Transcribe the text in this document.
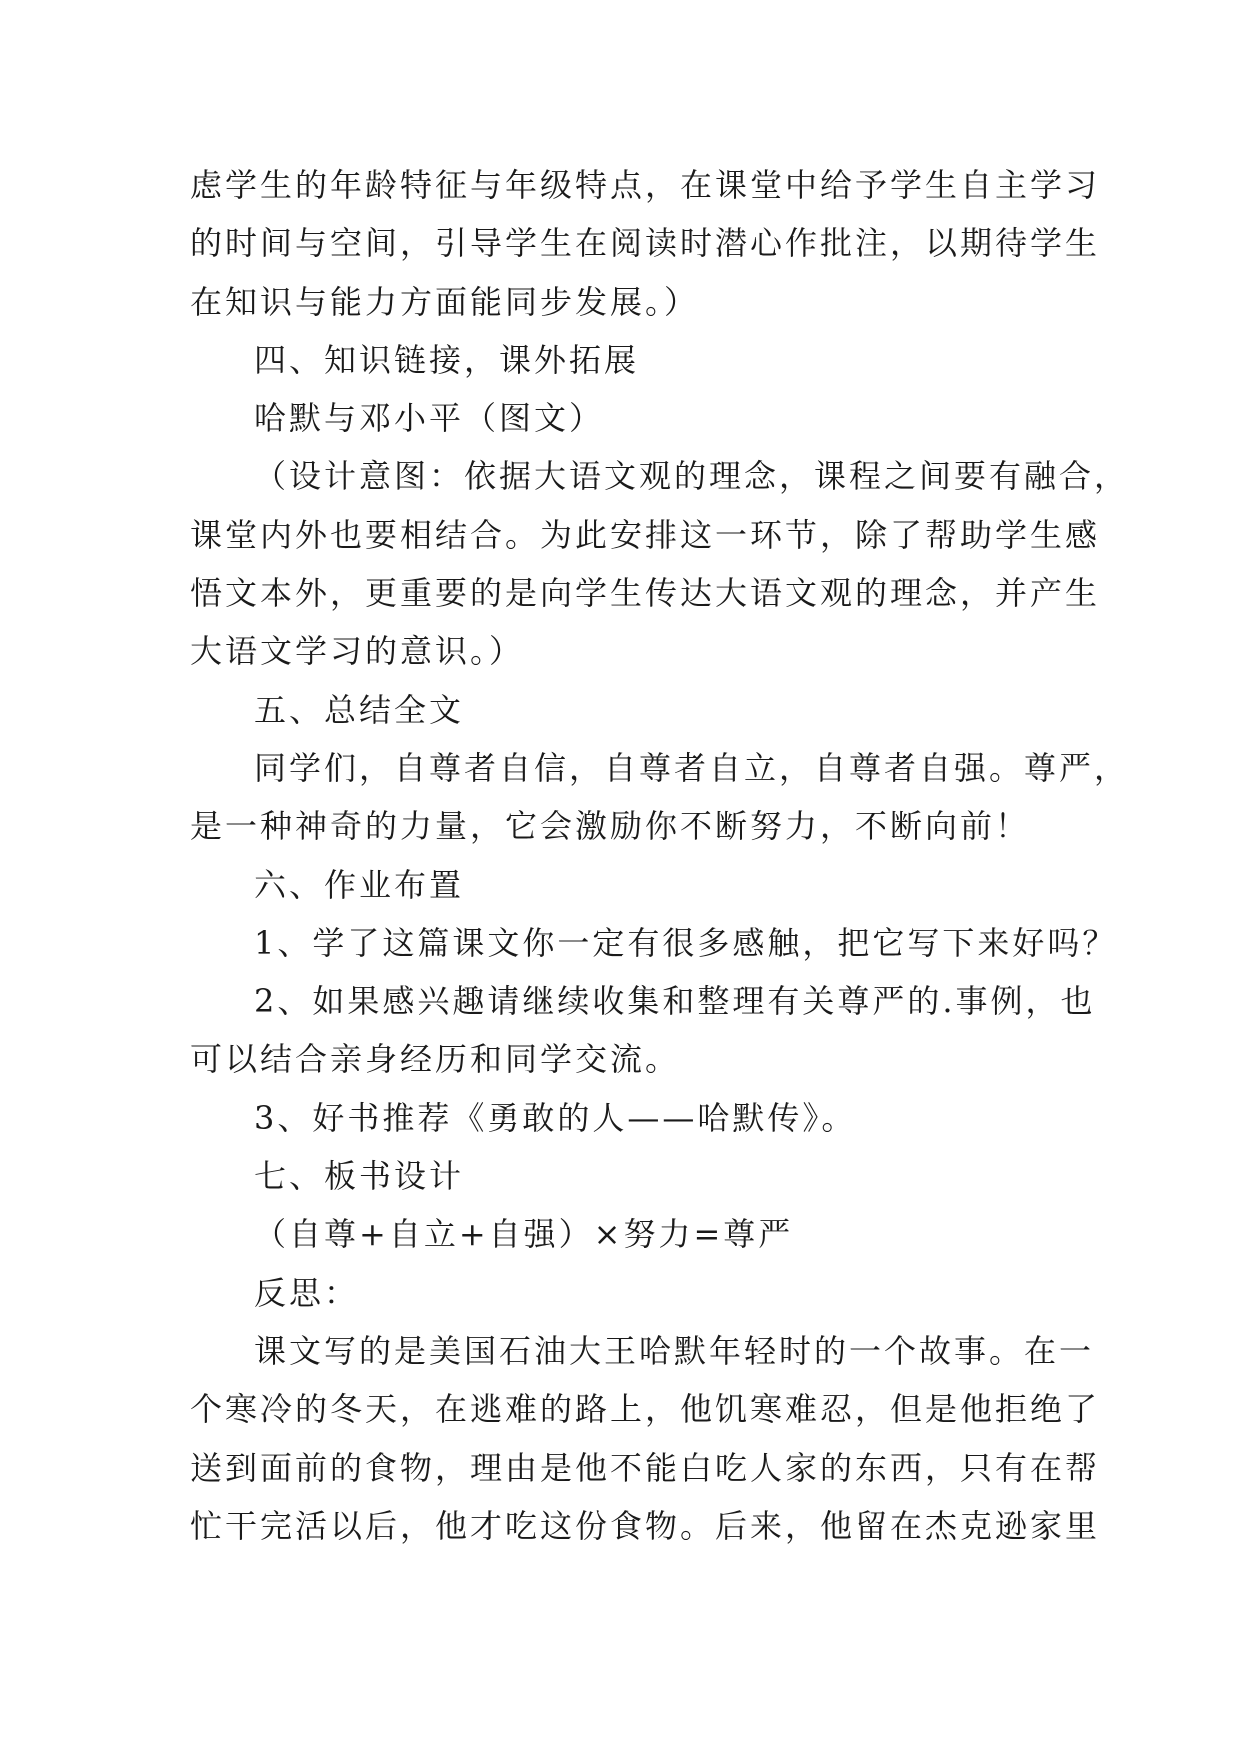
虑学生的年龄特征与年级特点，在课堂中给予学生自主学习
的时间与空间，引导学生在阅读时潜心作批注，以期待学生
在知识与能力方面能同步发展。）
四、知识链接，课外拓展
哈默与邓小平（图文）
（设计意图：依据大语文观的理念，课程之间要有融合，
课堂内外也要相结合。为此安排这一环节，除了帮助学生感
悟文本外，更重要的是向学生传达大语文观的理念，并产生
大语文学习的意识。）
五、总结全文
同学们，自尊者自信，自尊者自立，自尊者自强。尊严，
是一种神奇的力量，它会激励你不断努力，不断向前！
六、作业布置
1、学了这篇课文你一定有很多感触，把它写下来好吗？
2、如果感兴趣请继续收集和整理有关尊严的.事例，也
可以结合亲身经历和同学交流。
3、好书推荐《勇敢的人——哈默传》。
七、板书设计
（自尊+自立+自强）×努力=尊严
反思：
课文写的是美国石油大王哈默年轻时的一个故事。在一
个寒冷的冬天，在逃难的路上，他饥寒难忍，但是他拒绝了
送到面前的食物，理由是他不能白吃人家的东西，只有在帮
忙干完活以后，他才吃这份食物。后来，他留在杰克逊家里
